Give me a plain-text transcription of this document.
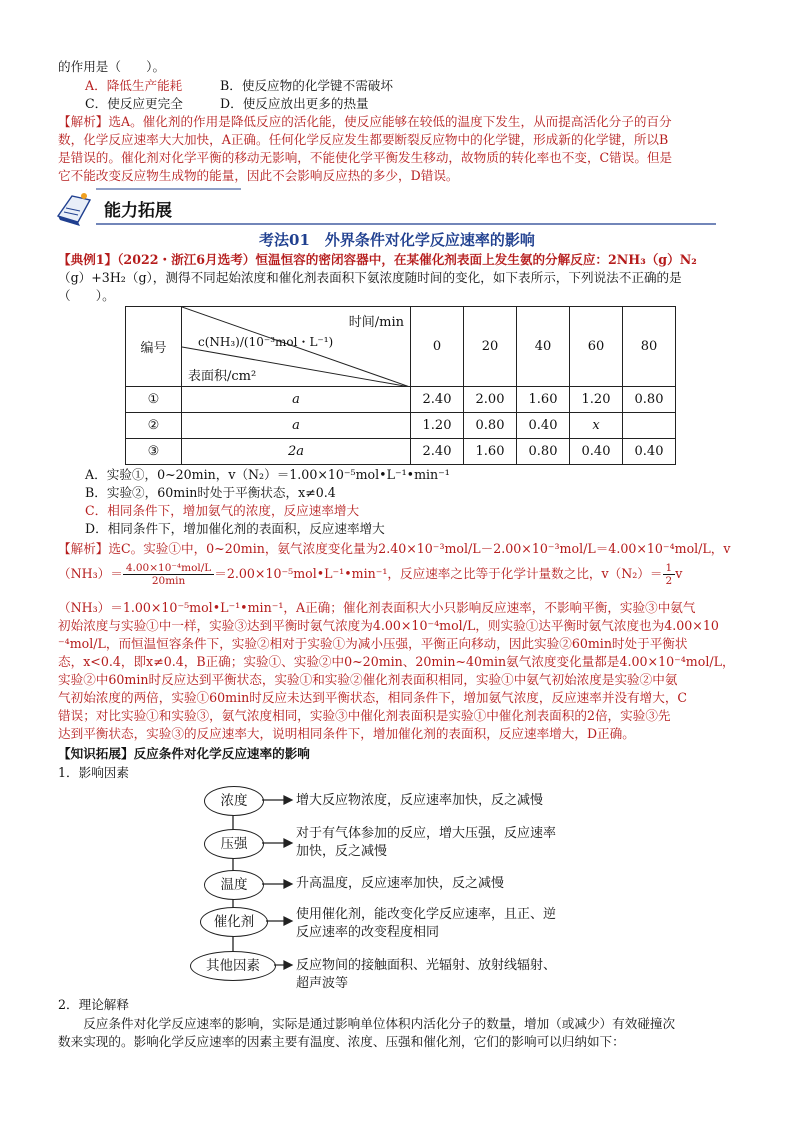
的作用是（　　）。
A．降低生产能耗	B．使反应物的化学键不需破坏
C．使反应更完全	D．使反应放出更多的热量
【解析】选A。催化剂的作用是降低反应的活化能，使反应能够在较低的温度下发生，从而提高活化分子的百分
数，化学反应速率大大加快，A正确。任何化学反应发生都要断裂反应物中的化学键，形成新的化学键，所以B
是错误的。催化剂对化学平衡的移动无影响，不能使化学平衡发生移动，故物质的转化率也不变，C错误。但是
它不能改变反应物生成物的能量，因此不会影响反应热的多少，D错误。
能力拓展
考法01　外界条件对化学反应速率的影响
【典例1】（2022・浙江6月选考）恒温恒容的密闭容器中，在某催化剂表面上发生氨的分解反应：2NH₃（g）N₂
（g）+3H₂（g），测得不同起始浓度和催化剂表面积下氨浓度随时间的变化，如下表所示，下列说法不正确的是
（　　）。
编号	时间/min
c(NH₃)/(10⁻³mol・L⁻¹)
表面积/cm²	0	20	40	60	80
①	a	2.40	2.00	1.60	1.20	0.80
②	a	1.20	0.80	0.40	x	
③	2a	2.40	1.60	0.80	0.40	0.40
A．实验①，0~20min，v（N₂）＝1.00×10⁻⁵mol•L⁻¹•min⁻¹
B．实验②，60min时处于平衡状态，x≠0.4
C．相同条件下，增加氨气的浓度，反应速率增大
D．相同条件下，增加催化剂的表面积，反应速率增大
【解析】选C。实验①中，0~20min，氨气浓度变化量为2.40×10⁻³mol/L－2.00×10⁻³mol/L＝4.00×10⁻⁴mol/L，v
$(NH_3)= \frac{\text{4.00×10⁻⁴mol/L}}{20\min}$ ＝2.00×10⁻⁵mol•L⁻¹•min⁻¹，反应速率之比等于化学计量数之比，$v(N_2)= \frac{1}{2}$ v
（NH₃）＝1.00×10⁻⁵mol•L⁻¹•min⁻¹，A正确；催化剂表面积大小只影响反应速率，不影响平衡，实验③中氨气
初始浓度与实验①中一样，实验③达到平衡时氨气浓度为4.00×10⁻⁴mol/L，则实验①达平衡时氨气浓度也为4.00×10
⁻⁴mol/L，而恒温恒容条件下，实验②相对于实验①为减小压强，平衡正向移动，因此实验②60min时处于平衡状
态，x<0.4，即x≠0.4，B正确；实验①、实验②中0~20min、20min~40min氨气浓度变化量都是4.00×10⁻⁴mol/L，
实验②中60min时反应达到平衡状态，实验①和实验②催化剂表面积相同，实验①中氨气初始浓度是实验②中氨
气初始浓度的两倍，实验①60min时反应未达到平衡状态，相同条件下，增加氨气浓度，反应速率并没有增大，C
错误；对比实验①和实验③，氨气浓度相同，实验③中催化剂表面积是实验①中催化剂表面积的2倍，实验③先
达到平衡状态，实验③的反应速率大，说明相同条件下，增加催化剂的表面积，反应速率增大，D正确。
【知识拓展】反应条件对化学反应速率的影响
1．影响因素
浓度
压强
温度
催化剂
其他因素
增大反应物浓度，反应速率加快，反之减慢
对于有气体参加的反应，增大压强，反应速率
加快，反之减慢
升高温度，反应速率加快，反之减慢
使用催化剂，能改变化学反应速率，且正、逆
反应速率的改变程度相同
反应物间的接触面积、光辐射、放射线辐射、
超声波等
2．理论解释
　　反应条件对化学反应速率的影响，实际是通过影响单位体积内活化分子的数量，增加（或减少）有效碰撞次
数来实现的。影响化学反应速率的因素主要有温度、浓度、压强和催化剂，它们的影响可以归纳如下：
